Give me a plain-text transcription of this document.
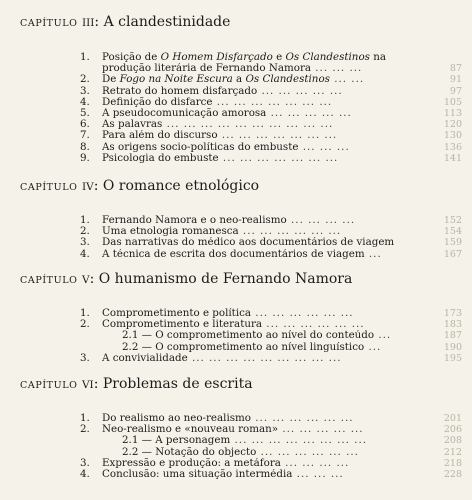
CAPÍTULO III: A clandestinidade
1.	Posição de O Homem Disfarçado e Os Clandestinos na
produção literária de Fernando Namora ... ... ...	87
2.	De Fogo na Noite Escura a Os Clandestinos ... ...	91
3.	Retrato do homem disfarçado ... ... ... ... ...	97
4.	Definição do disfarce ... ... ... ... ... ... ...	105
5.	A pseudocomunicação amorosa ... ... ... ... ...	113
6.	As palavras ... ... ... ... ... ... ... ... ... ...	120
7.	Para além do discurso ... ... ... ... ... ... ...	130
8.	As origens socio-políticas do embuste ... ... ...	136
9.	Psicologia do embuste ... ... ... ... ... ... ...	141
CAPÍTULO IV: O romance etnológico
1.	Fernando Namora e o neo-realismo ... ... ... ...	152
2.	Uma etnologia romanesca ... ... ... ... ... ...	154
3.	Das narrativas do médico aos documentários de viagem	159
4.	A técnica de escrita dos documentários de viagem ...	167
CAPÍTULO V: O humanismo de Fernando Namora
1.	Comprometimento e política ... ... ... ... ... ...	173
2.	Comprometimento e literatura ... ... ... ... ... ...	183
2.1 — O comprometimento ao nível do conteúdo ...	187
2.2 — O comprometimento ao nível linguístico ...	190
3.	A convivialidade ... ... ... ... ... ... ... ... ...	195
CAPÍTULO VI: Problemas de escrita
1.	Do realismo ao neo-realismo ... ... ... ... ... ...	201
2.	Neo-realismo e «nouveau roman» ... ... ... ... ...	206
2.1 — A personagem ... ... ... ... ... ... ... ...	208
2.2 — Notação do objecto ... ... ... ... ... ...	212
3.	Expressão e produção: a metáfora ... ... ... ...	218
4.	Conclusão: uma situação intermédia ... ... ...	228
